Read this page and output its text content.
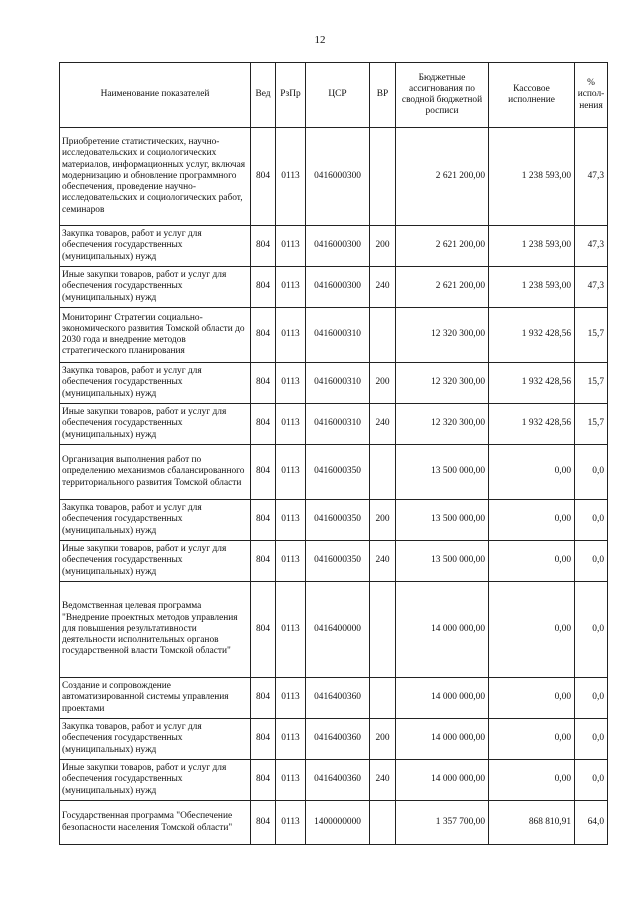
12
Наименование показателей	Вед	РзПр	ЦСР	ВР	Бюджетные ассигнования по сводной бюджетной росписи	Кассовое исполнение	% испол-нения
Приобретение статистических, научно-исследовательских и социологических материалов, информационных услуг, включая модернизацию и обновление программного обеспечения, проведение научно-исследовательских и социологических работ, семинаров	804	0113	0416000300		2 621 200,00	1 238 593,00	47,3
Закупка товаров, работ и услуг для обеспечения государственных (муниципальных) нужд	804	0113	0416000300	200	2 621 200,00	1 238 593,00	47,3
Иные закупки товаров, работ и услуг для обеспечения государственных (муниципальных) нужд	804	0113	0416000300	240	2 621 200,00	1 238 593,00	47,3
Мониторинг Стратегии социально-экономического развития Томской области до 2030 года и внедрение методов стратегического планирования	804	0113	0416000310		12 320 300,00	1 932 428,56	15,7
Закупка товаров, работ и услуг для обеспечения государственных (муниципальных) нужд	804	0113	0416000310	200	12 320 300,00	1 932 428,56	15,7
Иные закупки товаров, работ и услуг для обеспечения государственных (муниципальных) нужд	804	0113	0416000310	240	12 320 300,00	1 932 428,56	15,7
Организация выполнения работ по определению механизмов сбалансированного территориального развития Томской области	804	0113	0416000350		13 500 000,00	0,00	0,0
Закупка товаров, работ и услуг для обеспечения государственных (муниципальных) нужд	804	0113	0416000350	200	13 500 000,00	0,00	0,0
Иные закупки товаров, работ и услуг для обеспечения государственных (муниципальных) нужд	804	0113	0416000350	240	13 500 000,00	0,00	0,0
Ведомственная целевая программа "Внедрение проектных методов управления для повышения результативности деятельности исполнительных органов государственной власти Томской области"	804	0113	0416400000		14 000 000,00	0,00	0,0
Создание и сопровождение автоматизированной системы управления проектами	804	0113	0416400360		14 000 000,00	0,00	0,0
Закупка товаров, работ и услуг для обеспечения государственных (муниципальных) нужд	804	0113	0416400360	200	14 000 000,00	0,00	0,0
Иные закупки товаров, работ и услуг для обеспечения государственных (муниципальных) нужд	804	0113	0416400360	240	14 000 000,00	0,00	0,0
Государственная программа "Обеспечение безопасности населения Томской области"	804	0113	1400000000		1 357 700,00	868 810,91	64,0
